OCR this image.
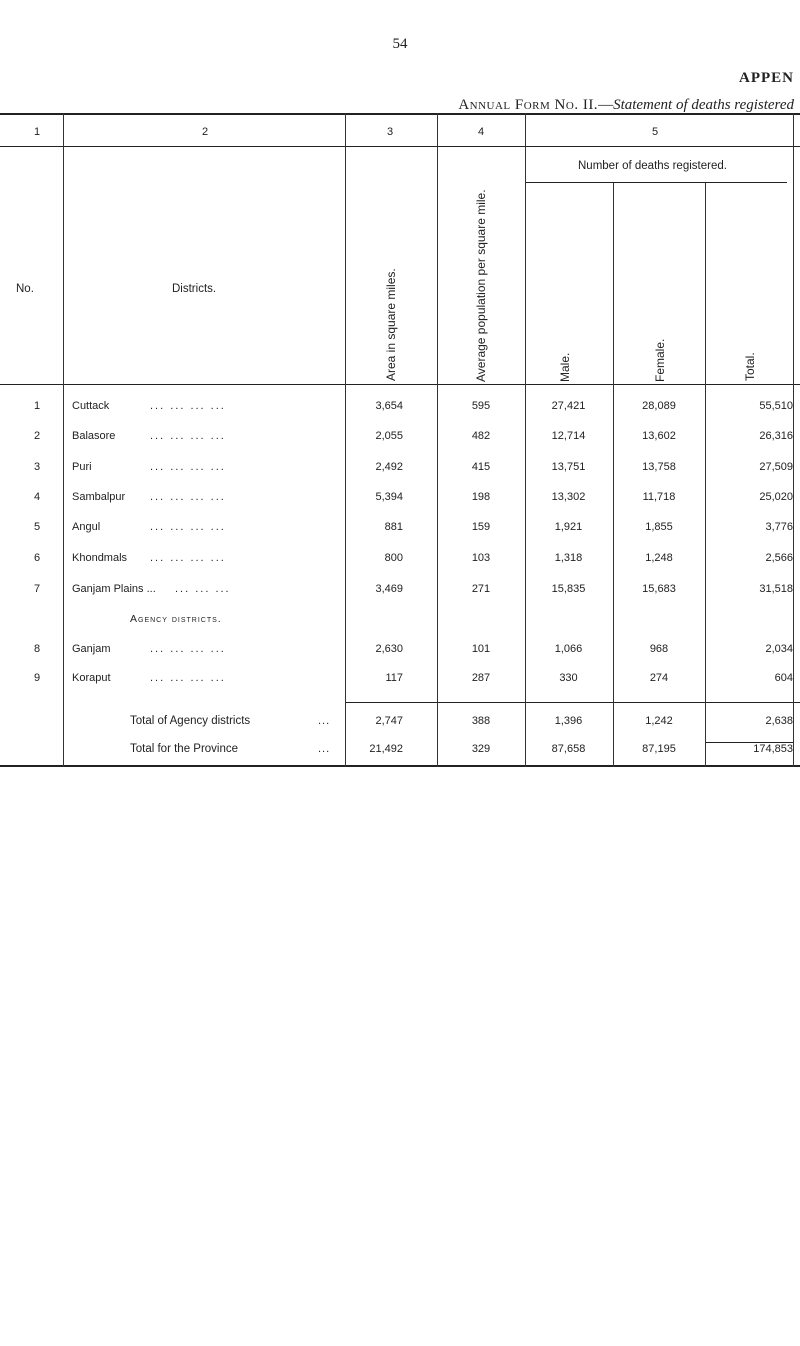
54
APPEN
Annual Form No. II.—Statement of deaths registered
1	2	3	4	5
No.	Districts.	Area in square miles.	Average population per square mile.
Number of deaths registered.
Male.	Female.	Total.
1	Cuttack	... ... ... ...	3,654	595	27,421	28,089	55,510
2	Balasore	... ... ... ...	2,055	482	12,714	13,602	26,316
3	Puri	... ... ... ...	2,492	415	13,751	13,758	27,509
4	Sambalpur ... ... ... ...	5,394	198	13,302	11,718	25,020
5	Angul	... ... ... ...	881	159	1,921	1,855	3,776
6	Khondmals ... ... ... ...	800	103	1,318	1,248	2,566
7	Ganjam Plains ... ... ... ...	3,469	271	15,835	15,683	31,518
Agency districts.
8	Ganjam	... ... ... ...	2,630	101	1,066	968	2,034
9	Koraput	... ... ... ...	117	287	330	274	604
Total of Agency districts	...	2,747	388	1,396	1,242	2,638
Total for the Province	...	21,492	329	87,658	87,195	174,853
